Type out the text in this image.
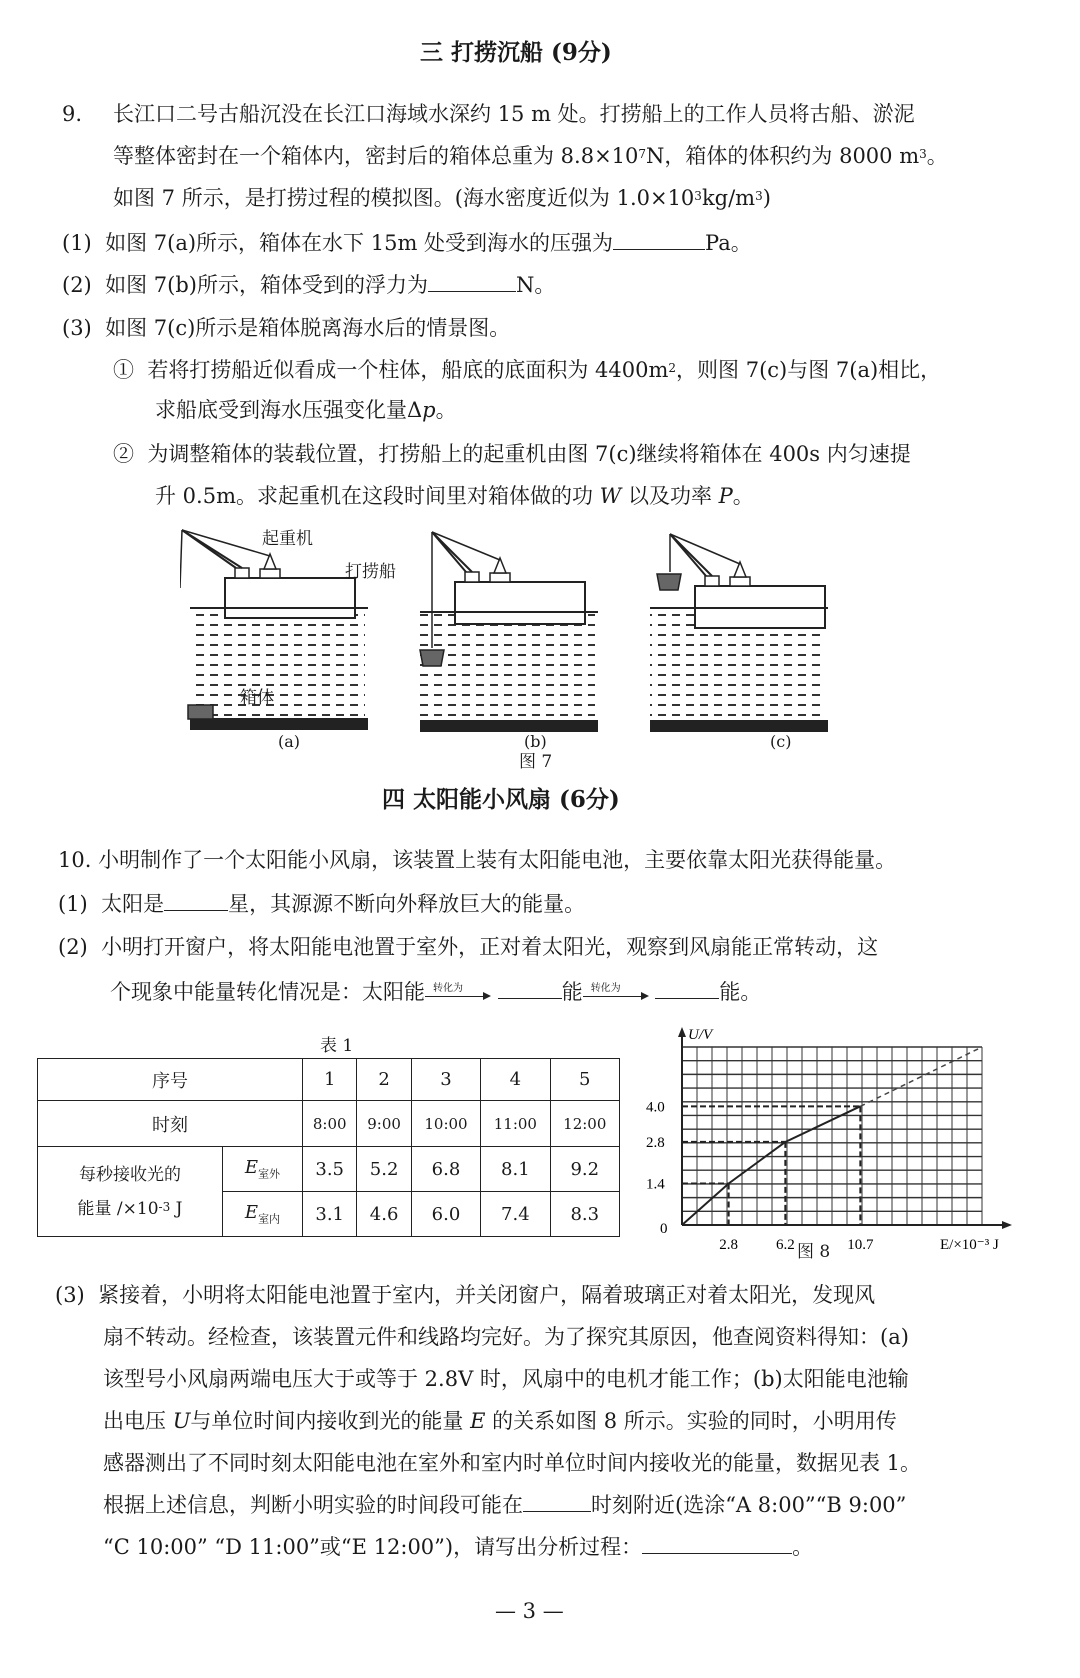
三 打捞沉船 (9分)
9. 长江口二号古船沉没在长江口海域水深约 15 m 处。打捞船上的工作人员将古船、淤泥
等整体密封在一个箱体内，密封后的箱体总重为 $8.8\times 10^7N$，箱体的体积约为 8000 $m^3$。
如图 7 所示，是打捞过程的模拟图。(海水密度近似为 $1.0\times 10^3kg/m^3$)
(1) 如图 7(a)所示，箱体在水下 15m 处受到海水的压强为	Pa。
(2) 如图 7(b)所示，箱体受到的浮力为	N。
(3) 如图 7(c)所示是箱体脱离海水后的情景图。
① 若将打捞船近似看成一个柱体，船底的底面积为 $4400m^2$，则图 7(c)与图 7(a)相比，
求船底受到海水压强变化量Δp。
② 为调整箱体的装载位置，打捞船上的起重机由图 7(c)继续将箱体在 400s 内匀速提
升 0.5m。求起重机在这段时间里对箱体做的功 W 以及功率 P。
起重机
打捞船
箱体
(a)	(b)	(c)
图 7
四 太阳能小风扇 (6分)
10. 小明制作了一个太阳能小风扇，该装置上装有太阳能电池，主要依靠太阳光获得能量。
(1) 太阳是	星，其源源不断向外释放巨大的能量。
(2) 小明打开窗户，将太阳能电池置于室外，正对着太阳光，观察到风扇能正常转动，这
个现象中能量转化情况是：太阳能 转化为	能 转化为	能。
表 1
序号		1	2	3	4	5
时刻		8:00	9:00	10:00	11:00	12:00
每秒接收光的
能量 $/\times 10^{-3}$ J	$E_{室外}$	3.5	5.2	6.8	8.1	9.2
	$E_{室内}$	3.1	4.6	6.0	7.4	8.3
0
1.4
2.8
4.0
2.8	6.2	10.7
U/V
E/×10⁻³ J
图 8
(3) 紧接着，小明将太阳能电池置于室内，并关闭窗户，隔着玻璃正对着太阳光，发现风
扇不转动。经检查，该装置元件和线路均完好。为了探究其原因，他查阅资料得知：(a)
该型号小风扇两端电压大于或等于 2.8V 时，风扇中的电机才能工作；(b)太阳能电池输
出电压 U与单位时间内接收到光的能量 E 的关系如图 8 所示。实验的同时，小明用传
感器测出了不同时刻太阳能电池在室外和室内时单位时间内接收光的能量，数据见表 1。
根据上述信息，判断小明实验的时间段可能在	时刻附近(选涂“A 8:00”“B 9:00”
“C 10:00” “D 11:00”或“E 12:00”)，请写出分析过程：	。
— 3 —
